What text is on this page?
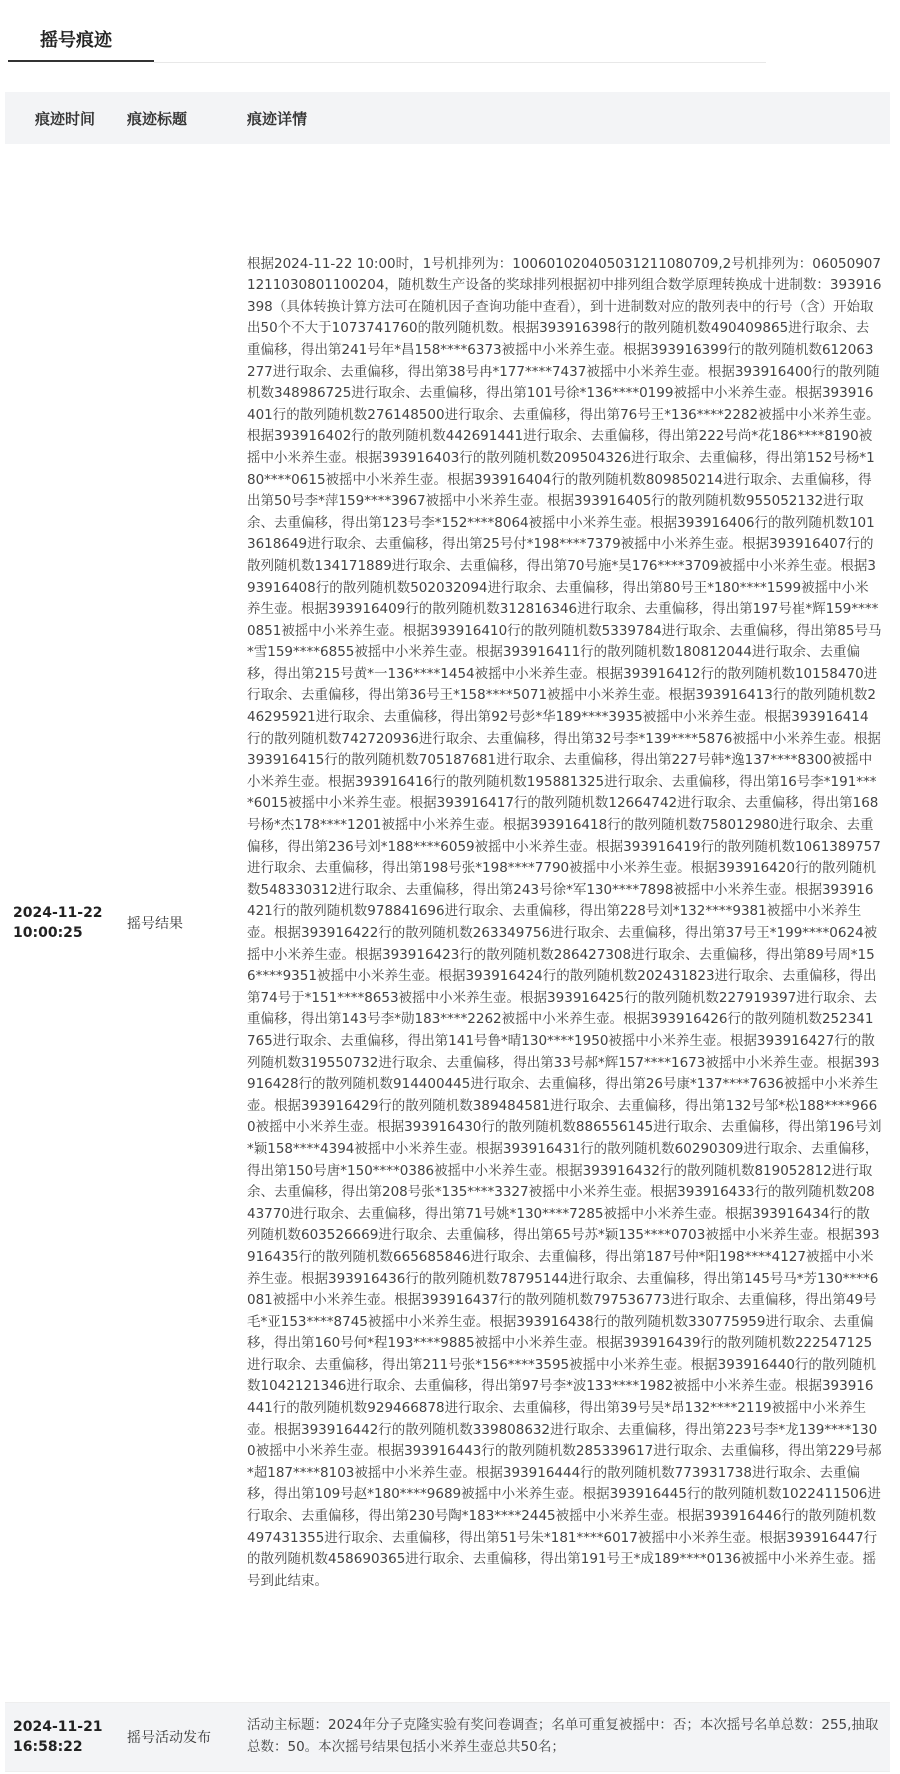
摇号痕迹
痕迹时间	痕迹标题	痕迹详情
2024-11-22
10:00:25
摇号结果
根据2024-11-22 10:00时，1号机排列为：10060102040503121108070​9,2号机排列为：060509071211030801100204，随机数生产设备的奖球排列根据初中排列组合数学原理转换成十进制数：393916398（具体转换计算方法可在随机因子查询功能中查看），到十进制数对应的散列表中的行号（含）开始取出50个不大于1073741760的散列随机数。根据393916398行的散列随机数490409865进行取余、去重偏移，得出第241号年*昌158****6373被摇中小米养生壶。根据393916399行的散列随机数612063277进行取余、去重偏移，得出第38号冉*177****7437被摇中小米养生壶。根据393916400行的散列随机数348986725进行取余、去重偏移，得出第101号徐*136****0199被摇中小米养生壶。根据393916401行的散列随机数276148500进行取余、去重偏移，得出第76号王*136****2282被摇中小米养生壶。根据393916402行的散列随机数442691441进行取余、去重偏移，得出第222号尚*花186****8190被摇中小米养生壶。根据393916403行的散列随机数209504326进行取余、去重偏移，得出第152号杨*180****0615被摇中小米养生壶。根据393916404行的散列随机数809850214进行取余、去重偏移，得出第50号李*萍159****3967被摇中小米养生壶。根据393916405行的散列随机数955052132进行取余、去重偏移，得出第123号李*152****8064被摇中小米养生壶。根据393916406行的散列随机数1013618649进行取余、去重偏移，得出第25号付*198****7379被摇中小米养生壶。根据393916407行的散列随机数134171889进行取余、去重偏移，得出第70号施*昊176****3709被摇中小米养生壶。根据393916408行的散列随机数502032094进行取余、去重偏移，得出第80号王*180****1599被摇中小米养生壶。根据393916409行的散列随机数312816346进行取余、去重偏移，得出第197号崔*辉159****0851被摇中小米养生壶。根据393916410行的散列随机数5339784进行取余、去重偏移，得出第85号马*雪159****6855被摇中小米养生壶。根据393916411行的散列随机数180812044进行取余、去重偏移，得出第215号黄*一136****1454被摇中小米养生壶。根据393916412行的散列随机数10158470进行取余、去重偏移，得出第36号王*158****5071被摇中小米养生壶。根据393916413行的散列随机数246295921进行取余、去重偏移，得出第92号彭*华189****3935被摇中小米养生壶。根据393916414行的散列随机数742720936进行取余、去重偏移，得出第32号李*139****5876被摇中小米养生壶。根据393916415行的散列随机数705187681进行取余、去重偏移，得出第227号韩*逸137****8300被摇中小米养生壶。根据393916416行的散列随机数195881325进行取余、去重偏移，得出第16号李*191****6015被摇中小米养生壶。根据393916417行的散列随机数12664742进行取余、去重偏移，得出第168号杨*杰178****1201被摇中小米养生壶。根据393916418行的散列随机数758012980进行取余、去重偏移，得出第236号刘*188****6059被摇中小米养生壶。根据393916419行的散列随机数1061389757进行取余、去重偏移，得出第198号张*198****7790被摇中小米养生壶。根据393916420行的散列随机数548330312进行取余、去重偏移，得出第243号徐*军130****7898被摇中小米养生壶。根据393916421行的散列随机数978841696进行取余、去重偏移，得出第228号刘*132****9381被摇中小米养生壶。根据393916422行的散列随机数263349756进行取余、去重偏移，得出第37号王*199****0624被摇中小米养生壶。根据393916423行的散列随机数286427308进行取余、去重偏移，得出第89号周*156****9351被摇中小米养生壶。根据393916424行的散列随机数202431823进行取余、去重偏移，得出第74号于*151****8653被摇中小米养生壶。根据393916425行的散列随机数227919397进行取余、去重偏移，得出第143号李*勋183****2262被摇中小米养生壶。根据393916426行的散列随机数252341765进行取余、去重偏移，得出第141号鲁*晴130****1950被摇中小米养生壶。根据393916427行的散列随机数319550732进行取余、去重偏移，得出第33号郝*辉157****1673被摇中小米养生壶。根据393916428行的散列随机数914400445进行取余、去重偏移，得出第26号康*137****7636被摇中小米养生壶。根据393916429行的散列随机数389484581进行取余、去重偏移，得出第132号邹*松188****9660被摇中小米养生壶。根据393916430行的散列随机数886556145进行取余、去重偏移，得出第196号刘*颖158****4394被摇中小米养生壶。根据393916431行的散列随机数60290309进行取余、去重偏移，得出第150号唐*150****0386被摇中小米养生壶。根据393916432行的散列随机数819052812进行取余、去重偏移，得出第208号张*135****3327被摇中小米养生壶。根据393916433行的散列随机数20843770进行取余、去重偏移，得出第71号姚*130****7285被摇中小米养生壶。根据393916434行的散列随机数603526669进行取余、去重偏移，得出第65号苏*颖135****0703被摇中小米养生壶。根据393916435行的散列随机数665685846进行取余、去重偏移，得出第187号仲*阳198****4127被摇中小米养生壶。根据393916436行的散列随机数78795144进行取余、去重偏移，得出第145号马*芳130****6081被摇中小米养生壶。根据393916437行的散列随机数797536773进行取余、去重偏移，得出第49号毛*亚153****8745被摇中小米养生壶。根据393916438行的散列随机数330775959进行取余、去重偏移，得出第160号何*程193****9885被摇中小米养生壶。根据393916439行的散列随机数222547125进行取余、去重偏移，得出第211号张*156****3595被摇中小米养生壶。根据393916440行的散列随机数1042121346进行取余、去重偏移，得出第97号李*波133****1982被摇中小米养生壶。根据393916441行的散列随机数929466878进行取余、去重偏移，得出第39号吴*昂132****2119被摇中小米养生壶。根据393916442行的散列随机数339808632进行取余、去重偏移，得出第223号李*龙139****1300被摇中小米养生壶。根据393916443行的散列随机数285339617进行取余、去重偏移，得出第229号郝*超187****8103被摇中小米养生壶。根据393916444行的散列随机数773931738进行取余、去重偏移，得出第109号赵*180****9689被摇中小米养生壶。根据393916445行的散列随机数1022411506进行取余、去重偏移，得出第230号陶*183****2445被摇中小米养生壶。根据393916446行的散列随机数497431355进行取余、去重偏移，得出第51号朱*181****6017被摇中小米养生壶。根据393916447行的散列随机数458690365进行取余、去重偏移，得出第191号王*成189****0136被摇中小米养生壶。摇号到此结束。
2024-11-21
16:58:22
摇号活动发布
活动主标题：2024年分子克隆实验有奖问卷调查；名单可重复被摇中：否；本次摇号名单总数：255,抽取总数：50。本次摇号结果包括小米养生壶总共50名；
